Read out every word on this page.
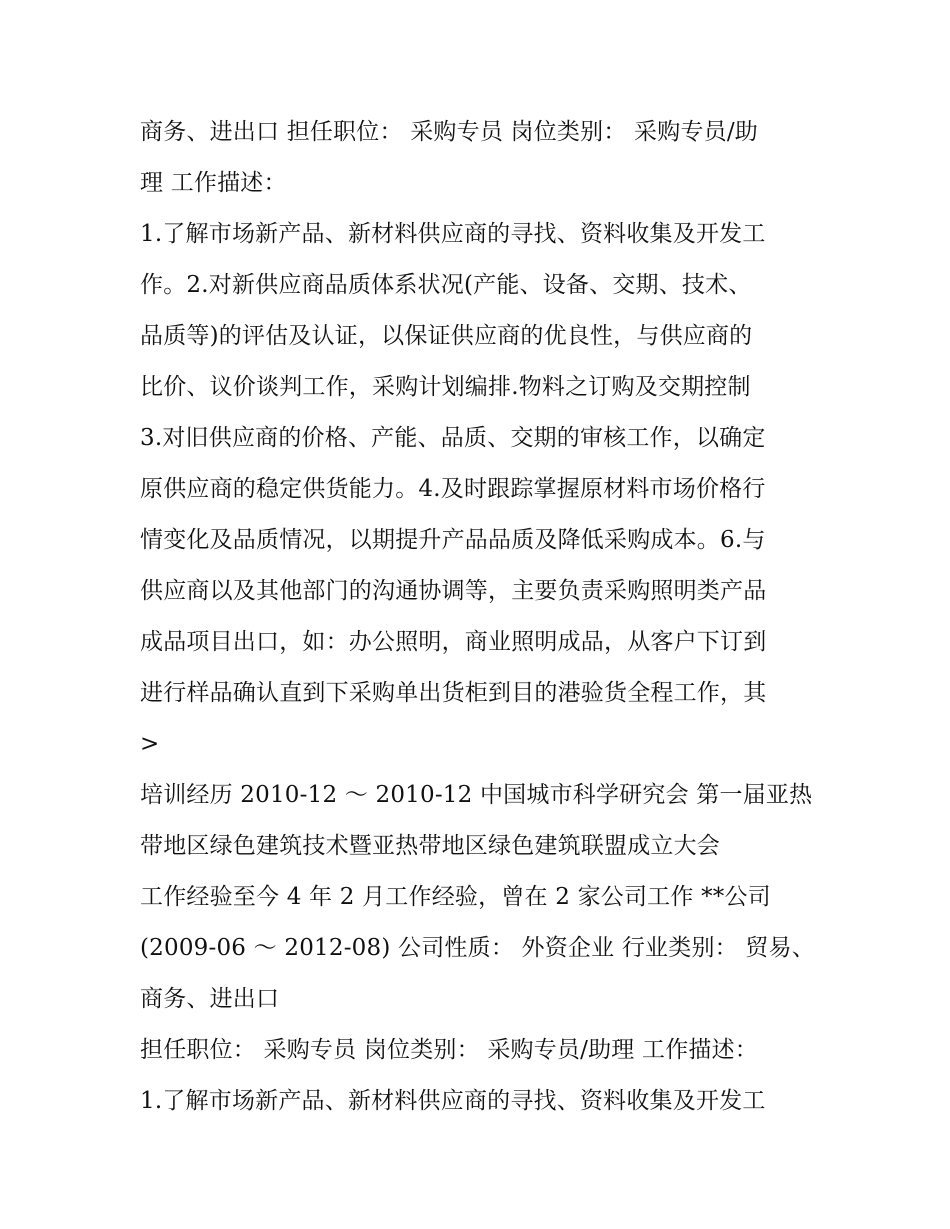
商务、进出口 担任职位： 采购专员 岗位类别： 采购专员/助
理 工作描述：
1.了解市场新产品、新材料供应商的寻找、资料收集及开发工
作。2.对新供应商品质体系状况(产能、设备、交期、技术、
品质等)的评估及认证，以保证供应商的优良性，与供应商的
比价、议价谈判工作，采购计划编排.物料之订购及交期控制
3.对旧供应商的价格、产能、品质、交期的审核工作，以确定
原供应商的稳定供货能力。4.及时跟踪掌握原材料市场价格行
情变化及品质情况，以期提升产品品质及降低采购成本。6.与
供应商以及其他部门的沟通协调等，主要负责采购照明类产品
成品项目出口，如：办公照明，商业照明成品，从客户下订到
进行样品确认直到下采购单出货柜到目的港验货全程工作，其
>
培训经历 2010-12 ～ 2010-12 中国城市科学研究会 第一届亚热
带地区绿色建筑技术暨亚热带地区绿色建筑联盟成立大会
工作经验至今 4 年 2 月工作经验，曾在 2 家公司工作 **公司
(2009-06 ～ 2012-08) 公司性质： 外资企业 行业类别： 贸易、
商务、进出口
担任职位： 采购专员 岗位类别： 采购专员/助理 工作描述：
1.了解市场新产品、新材料供应商的寻找、资料收集及开发工
